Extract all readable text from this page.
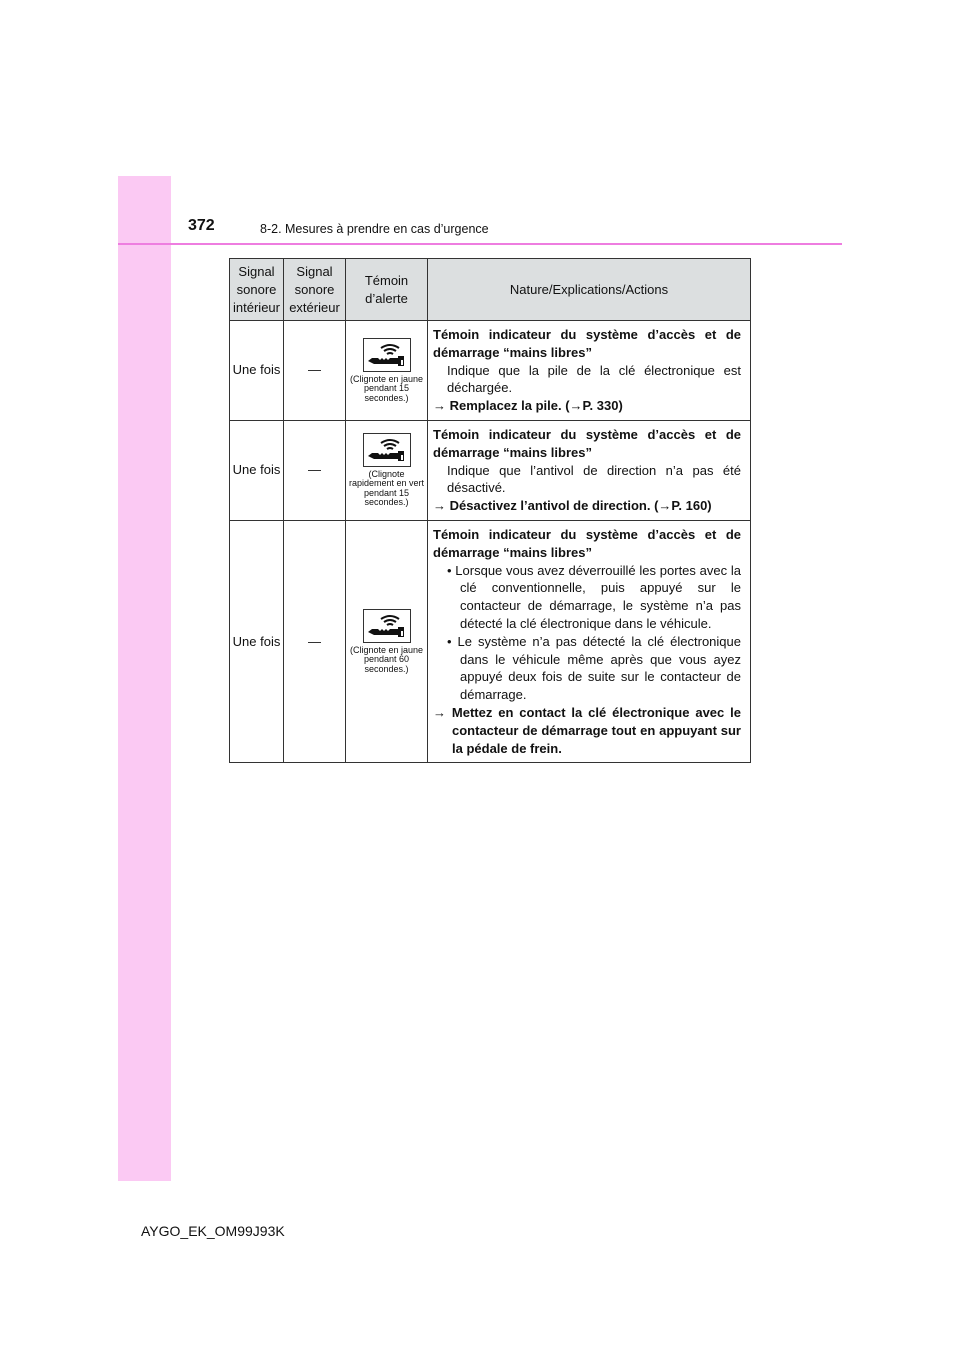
372	8-2. Mesures à prendre en cas d’urgence
Signal sonore intérieur	Signal sonore extérieur	Témoin d’alerte	Nature/Explications/Actions
Une fois	—	(Clignote en jaune pendant 15 secondes.)	Témoin indicateur du système d’accès et de démarrage “mains libres”
Indique que la pile de la clé électronique est déchargée.
→ Remplacez la pile. (→P. 330)

Une fois	—	(Clignote rapidement en vert pendant 15 secondes.)	Témoin indicateur du système d’accès et de démarrage “mains libres”
Indique que l’antivol de direction n’a pas été désactivé.
→ Désactivez l’antivol de direction. (→P. 160)

Une fois	—	(Clignote en jaune pendant 60 secondes.)	Témoin indicateur du système d’accès et de démarrage “mains libres”
• Lorsque vous avez déverrouillé les portes avec la clé conventionnelle, puis appuyé sur le contacteur de démarrage, le système n’a pas détecté la clé électronique dans le véhicule.
• Le système n’a pas détecté la clé électronique dans le véhicule même après que vous ayez appuyé deux fois de suite sur le contacteur de démarrage.
→ Mettez en contact la clé électronique avec le contacteur de démarrage tout en appuyant sur la pédale de frein.
AYGO_EK_OM99J93K
